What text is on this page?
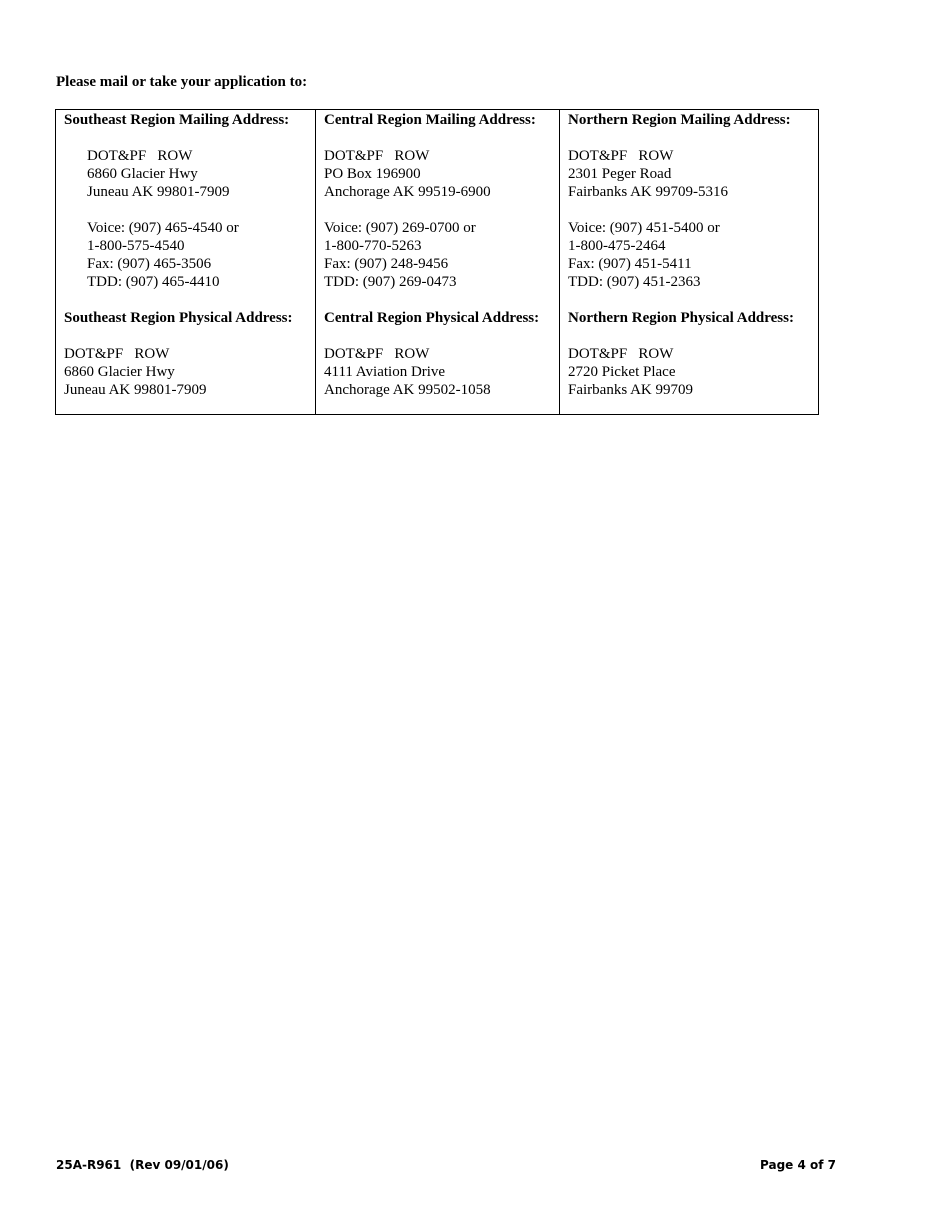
Please mail or take your application to:

Southeast Region Mailing Address:
DOT&PF   ROW
6860 Glacier Hwy
Juneau AK 99801-7909
Voice: (907) 465-4540 or
1-800-575-4540
Fax: (907) 465-3506
TDD: (907) 465-4410
Southeast Region Physical Address:
DOT&PF   ROW
6860 Glacier Hwy
Juneau AK 99801-7909
Central Region Mailing Address:
DOT&PF   ROW
PO Box 196900
Anchorage AK 99519-6900
Voice: (907) 269-0700 or
1-800-770-5263
Fax: (907) 248-9456
TDD: (907) 269-0473
Central Region Physical Address:
DOT&PF   ROW
4111 Aviation Drive
Anchorage AK 99502-1058
Northern Region Mailing Address:
DOT&PF   ROW
2301 Peger Road
Fairbanks AK 99709-5316
Voice: (907) 451-5400 or
1-800-475-2464
Fax: (907) 451-5411
TDD: (907) 451-2363
Northern Region Physical Address:
DOT&PF   ROW
2720 Picket Place
Fairbanks AK 99709
25A-R961  (Rev 09/01/06)	Page 4 of 7
